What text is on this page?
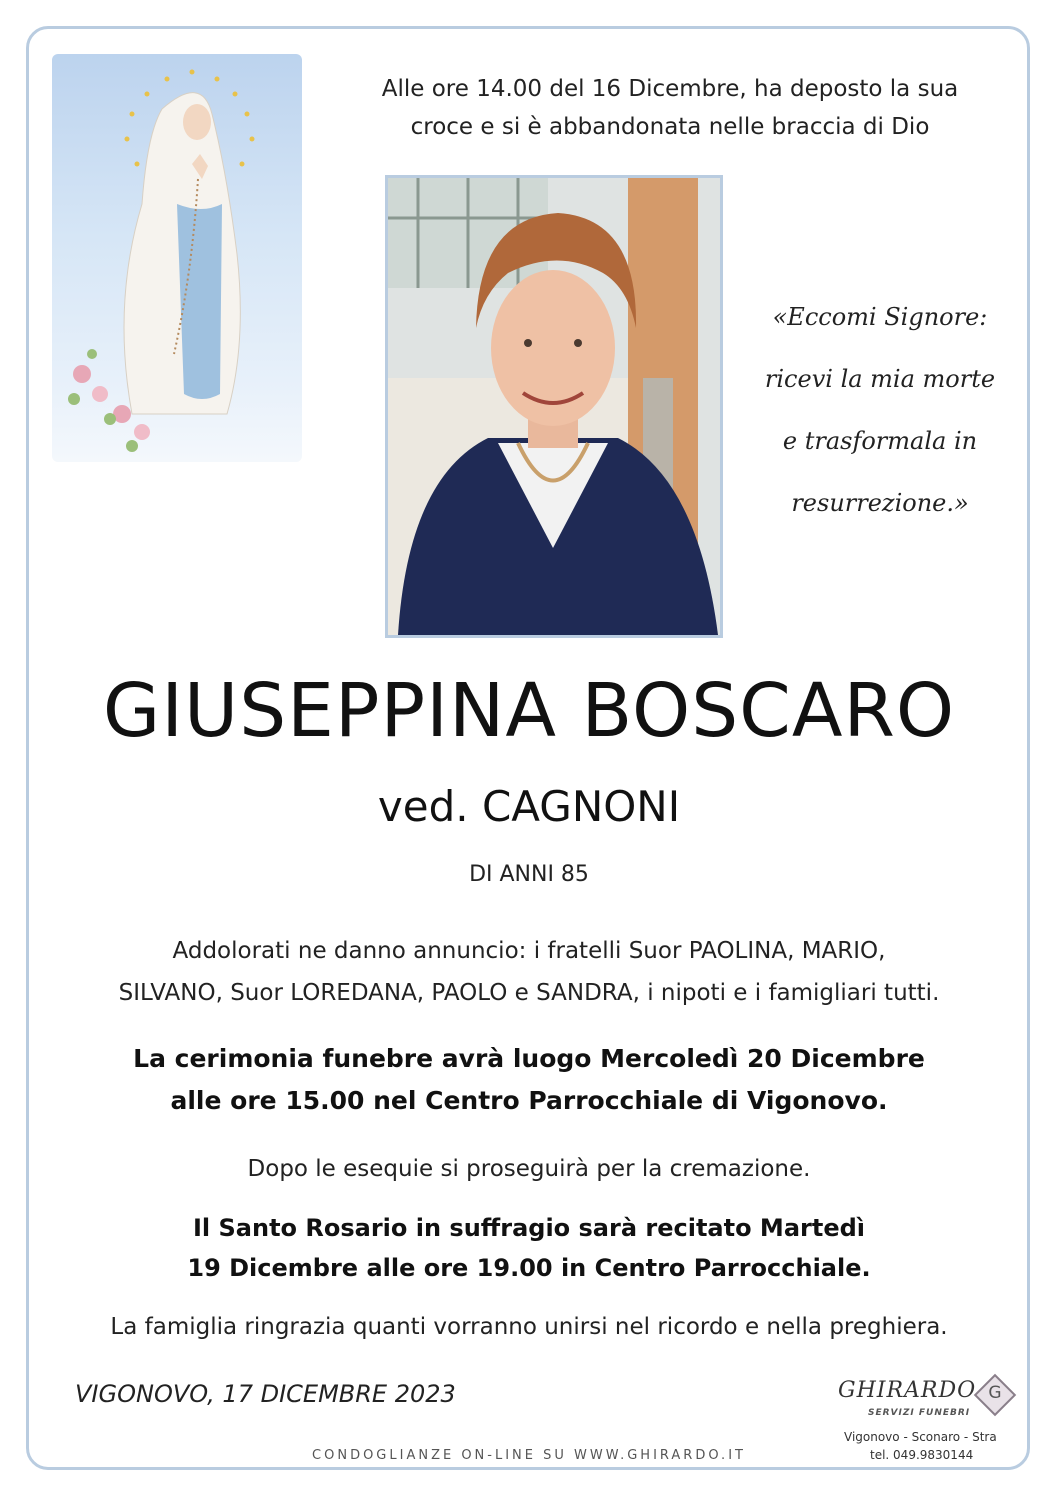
Alle ore 14.00 del 16 Dicembre, ha deposto la sua
croce e si è abbandonata nelle braccia di Dio
«Eccomi Signore:
ricevi la mia morte
e trasformala in
resurrezione.»
GIUSEPPINA BOSCARO
ved. CAGNONI
DI ANNI 85
Addolorati ne danno annuncio: i fratelli Suor PAOLINA, MARIO,
SILVANO, Suor LOREDANA, PAOLO e SANDRA, i nipoti e i famigliari tutti.
La cerimonia funebre avrà luogo Mercoledì 20 Dicembre
alle ore 15.00 nel Centro Parrocchiale di Vigonovo.
Dopo le esequie si proseguirà per la cremazione.
Il Santo Rosario in suffragio sarà recitato Martedì
19 Dicembre alle ore 19.00 in Centro Parrocchiale.
La famiglia ringrazia quanti vorranno unirsi nel ricordo e nella preghiera.
VIGONOVO, 17 DICEMBRE 2023	GHIRARDO
SERVIZI FUNEBRI
G
Vigonovo - Sconaro - Stra
tel. 049.9830144
CONDOGLIANZE ON-LINE SU WWW.GHIRARDO.IT
